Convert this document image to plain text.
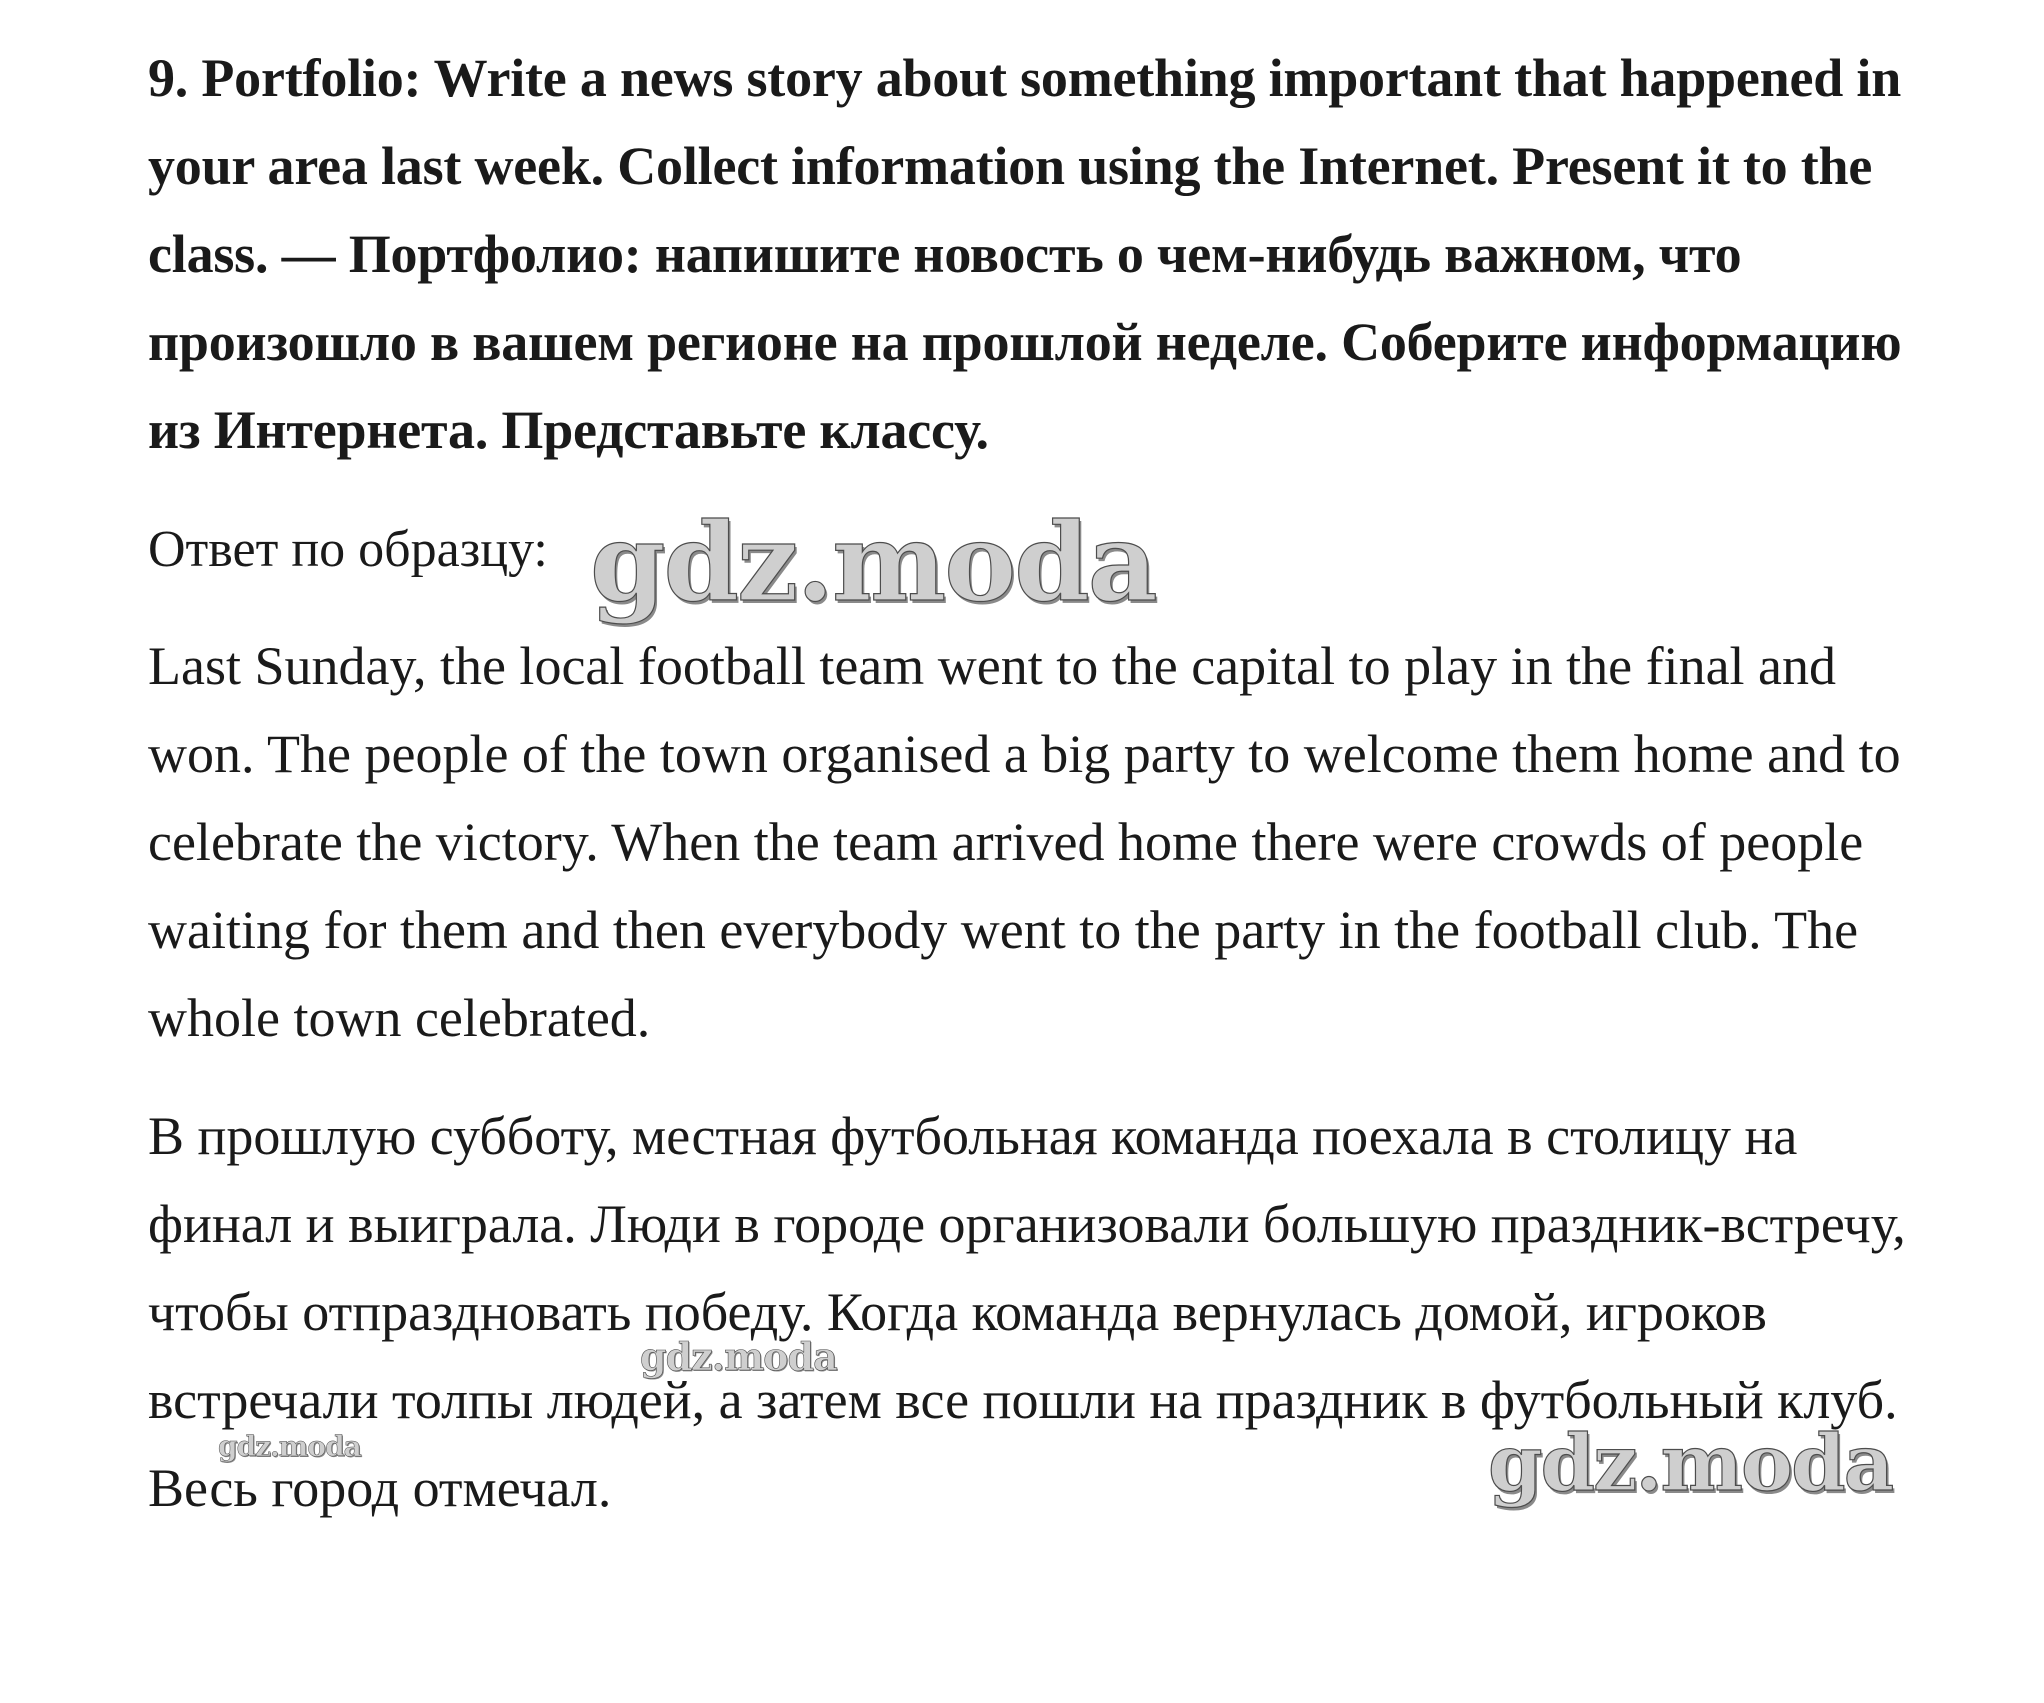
9. Portfolio: Write a news story about something important that happened in your area last week. Collect information using the Internet. Present it to the class. — Портфолио: напишите новость о чем-нибудь важном, что произошло в вашем регионе на прошлой неделе. Соберите информацию из Интернета. Представьте классу.

Ответ по образцу:

Last Sunday, the local football team went to the capital to play in the final and won. The people of the town organised a big party to welcome them home and to celebrate the victory. When the team arrived home there were crowds of people waiting for them and then everybody went to the party in the football club. The whole town celebrated.

В прошлую субботу, местная футбольная команда поехала в столицу на финал и выиграла. Люди в городе организовали большую праздник-встречу, чтобы отпраздновать победу. Когда команда вернулась домой, игроков встречали толпы людей, а затем все пошли на праздник в футбольный клуб. Весь город отмечал.

gdz.moda
gdz.moda
gdz.moda	gdz.moda
